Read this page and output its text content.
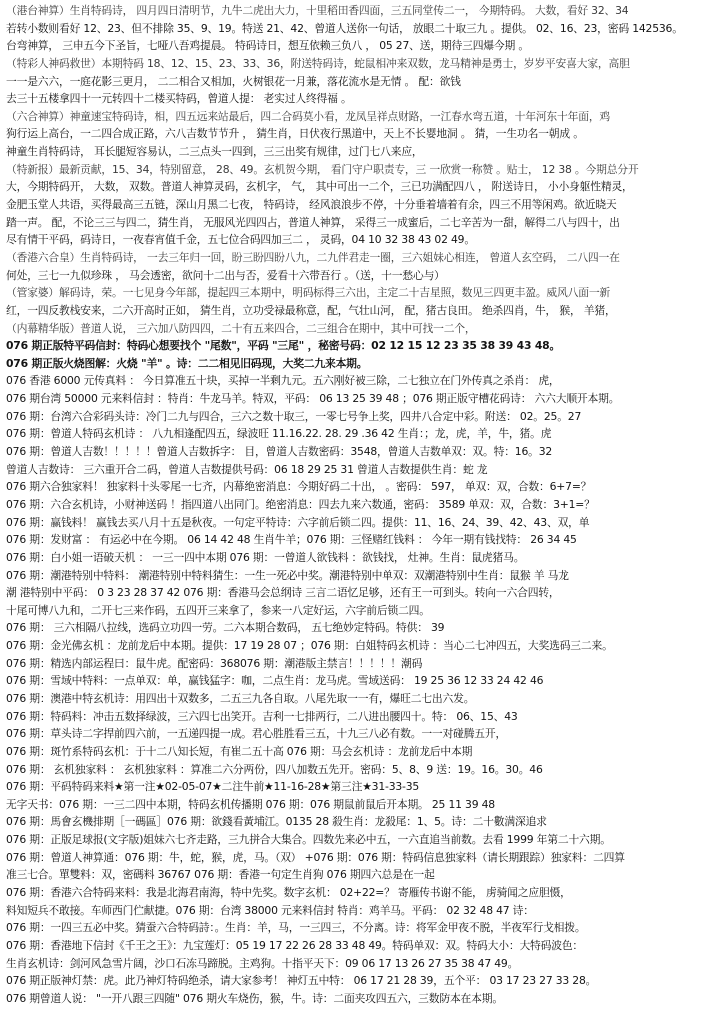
（港台神算）生肖特码诗， 四月四日清明节，九牛二虎出大力，十里稻田香四面，三五同堂传二一， 今期特码。 大数，看好 32、34
若转小数则看好 12、23、但不排除 35、9、19。特送 21、42、曾道人送你一句话， 放眼二十取三九 。提供。 02、16、23，密码 142536。
台弯神算， 三申五今下圣旨，七哑八吾鸡提晨。 特码诗日，想互依赖三负八 ， 05 27、送，期待三四爆今期 。
（特彩人神码救世）本期特码 18、12、15、23、33、36，附送特码诗，蛇鼠相冲来双数，龙马精神是勇士，岁岁平安喜大家，高胆
一一是六六，一庭花影三更月， 二二相合又相加，火树银花一月兼，落花流水是无情 。 配：欲钱
去三十五楼拿四十一元转四十二楼买特码，曾道人提： 老实过人终得福 。
（六合神算）神童速宝特码诗，相，四五远来站最后，四二合码莫小看，龙凤呈祥点财路，一江春水弯五道，十年河东十年面，鸡
狗行运上高台，一二四合成正路，六八吉数节节升 ， 猜生肖，日伏夜行黑道中，天上不长婴地洞 。 猜，一生功名一朝成 。
神童生肖特码诗， 耳长腿短容易认，二三点头一四到，三三出奖有规律，过门七八来应，
（特新报）最新贡献，15、34，特别留意， 28、49。玄机贺今期， 看门守户职责专，三 一欣赏一称赞 。贴士， 12 38 。今期总分开
大，今期特码开， 大数， 双数。普道人神算灵码，玄机字， 气， 其中可出一二个，三已功满配四八 ， 附送诗日， 小小身躯性精灵，
金肥玉堂人共语，买得最高三五链，深山月黑二七夜， 特码诗， 经风浪浪步不停，十分垂着墙着有余，四三不用等闲鸡。欲近晓天
踏一声。 配，不论三三与四二，猜生肖， 无服风光四四占，普道人神算， 采得三一成蜜后，二七辛苦为一甜，解得二八与四十，出
尽有情干平码，码诗日，一夜春宵值千金，五七位合码四加三二 ， 灵码，04 10 32 38 43 02 49。
（香港六合皇）生肖特码诗， 一去三年归一回，盼三盼四盼八九，二九伴君走一圈，三六姐妹心相连， 曾道人玄空码， 二八四一在
何处，三七一九似珍珠 ， 马会透密，欲问十二出与否，爱看十六带吾行 。（送，十一愁心与）
（管家婆）解码诗，荣。一七见身今年部，提起四三本期中，明码标得三六出，主定二十吉星照，数见三四更丰盈。威风八面一新
红，一四反教栈安来，二六开高时正如， 猜生肖，立功受禄最称意，配，气壮山河， 配，猪古良田。 绝杀四肖，牛， 猴， 羊猪，
（内幕精华版）普道人说， 三六加八防四四，二十有五来四合，二三组合在期中，其中可找一二个，
076 期正版特平码信封：特码心想要找个 "尾数"，平码 "三尾" ，秘密号码：02 12 15 12 23 35 38 39 43 48。
076 期正版火烧图解：火烧 "羊" 。诗：二二相见旧码现，大奖二九来本期。
076 香港 6000 元传真料 ： 今日算准五十块，买掉一半剩九元。五六刚好被三除，二七独立在门外传真之杀肖： 虎，
076 期台湾 50000 元来料信封 ：特肖：牛龙马羊。特双，平码： 06 13 25 39 48 ；076 期正版守槽花码诗： 六六大顺开本期。
076 期：台湾六合彩码头诗：冷门二九与四合，三六之数十取三，一零七号争上奖，四井八合定中彩。附送： 02。25。27
076 期：曾道人特码玄机诗 ： 八九相逢配四五，绿波旺 11.16.22. 28. 29 .36 42 生肖：；龙，虎，羊，牛，猪。虎
076 期：曾道人吉数！！！！！曾道人吉数拆字： 目，曾道人吉数密码：3548，曾道人吉数单双：双。特：16。32
曾道人吉数诗： 三六重开合二码，曾道人吉数提供号码：06 18 29 25 31 曾道人吉数提供生肖：蛇 龙
076 期六合独家料！ 独家料十头零尾一七齐，内幕绝密消息：今期好码二十出， 。密码： 597， 单双：双，合数：6+7=？
076 期：六合玄机诗，小财神送码 ！指四道八出同门。绝密消息：四去九来六数通，密码： 3589 单双：双，合数：3+1=？
076 期：赢钱料！ 赢钱去买八月十五是秋夜。一句定平特诗：六字前后锁二四。提供：11、16、24、39、42、43、双，单
076 期：发财富 ： 有运必中在今期。 06 14 42 48 生肖牛羊；076 期：三怪赌红钱料 ： 今年一期有钱找特： 26 34 45
076 期：白小姐一语破天机 ： 一三一四中本期 076 期：一曾道人欲钱料 ：欲钱找， 灶神。生肖：鼠虎猪马。
076 期：潮港特别中特料： 潮港特别中特料猜生：一生一死必中奖。潮港特别中单双：双潮港特别中生肖：鼠猴 羊 马龙
潮 港特别中平码： 0 3 23 28 37 42 076 期：香港马会总纲诗 三言二语忆足够，还有王一可到头。转向一六合四转，
十尾可博八九和，二开七三来作码，五四开三来拿了，参来一八定好运，六字前后锁二四。
076 期： 三六相隔八拉线，选码立功四一劳。二六本期合数码， 五七绝妙定特码。特供： 39
076 期：金光佛玄机 ：龙前龙后中本期。提供：17 19 28 07 ；076 期：白姐特码玄机诗 ：当心二七冲四五，大奖选码三二来。
076 期：精选内部运程曰：鼠牛虎。配密码：368076 期：潮港版主禁言！！！！！潮码
076 期：雪域中特料：一点单双：单，赢钱猛字：咖，二点生肖：龙马虎。雪域送码： 19 25 36 12 33 24 42 46
076 期：澳港中特玄机诗：用四出十双数多，二五三九各自取。八尾先取一一有，爆旺二七出六发。
076 期：特码料：冲击五数择绿波，三六四七出笑开。吉利一七排两行，二八进出腰四十。特： 06、15、43
076 期：草头诗二字捍前四六前，一五递四提一成。君心胜胜看三五，十九三八必有数。一一对碰腾五开，
076 期：斑竹系特码玄机：于十二八知长短，有崔二五十高 076 期：马会玄机诗 ：龙前龙后中本期
076 期： 玄机独家料 ： 玄机独家料 ：算准二六分两份，四八加数五先开。密码：5、8、9 送：19。16。30。46
076 期：平码特码来料★第一注★02-05-07★二注牛前★11-16-28★第三注★31-33-35
无字天书：076 期：一三二四中本期，特码玄机传播期 076 期：076 期鼠前鼠后开本期。 25 11 39 48
076 期：馬會玄機排期［一碼區］076 期：欲錢看黃埔江。0135 28 殺生肖：龙殺尾：1、5。诗：二十數满深追求
076 期：正版足球报(文字版)姐妹六七齐走路，三九拼合大集合。四数先来必中五，一六直追当前数。去看 1999 年第二十六期。
076 期：曾道人神算通：076 期：牛，蛇，猴，虎，马。（双） +076 期：076 期：特码信息独家料（请长期跟踪）独家料：二四算
准三七合。單雙料：双，密碼料 36767 076 期：香港一句定生肖狗 076 期四六总是在一起
076 期：香港六合特码来料：我是北海君南海，特中先奖。数字玄机： 02+22=？ 寄雁传书谢不能， 虏骑闻之应胆慑，
料知短兵不敢接。车师西门伫献捷。076 期：台湾 38000 元来料信封 特肖：鸡羊马。平码： 02 32 48 47 诗：
076 期：一四三五必中奖。猜蚕六合特码詩：。生肖：羊，马，一三四三，不分离。诗：将军金甲夜不脱，半夜军行戈相拨。
076 期：香港地下信封《千王之王》：九宝莲灯：05 19 17 22 26 28 33 48 49。特码单双：双。特码大小：大特码波色：
生肖玄机诗：剑河风急雪片阔，沙口石冻马蹄脱。主鸡狗。十指平天下：09 06 17 13 26 27 35 38 47 49。
076 期正版神灯禁：虎。此乃神灯特码绝杀，请大家参考！ 神灯五中特： 06 17 21 28 39，五个平： 03 17 23 27 33 28。
076 期曾道人说： "一开八跟三四随" 076 期火车烧伤，猴，牛。诗：二面夹攻四五六，三数防本在本期。
